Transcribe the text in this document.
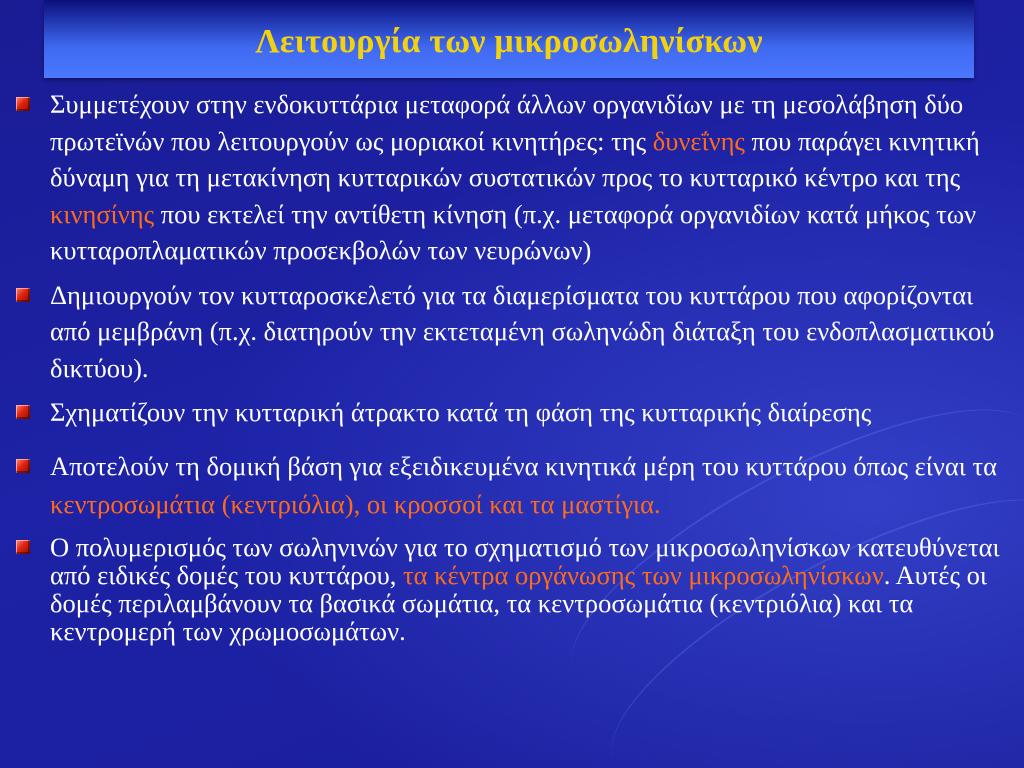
Λειτουργία των μικροσωληνίσκων
Συμμετέχουν στην ενδοκυττάρια μεταφορά άλλων οργανιδίων με τη μεσολάβηση δύο πρωτεϊνών που λειτουργούν ως μοριακοί κινητήρες: της δυνεΐνης που παράγει κινητική δύναμη για τη μετακίνηση κυτταρικών συστατικών προς το κυτταρικό κέντρο και της κινησίνης που εκτελεί την αντίθετη κίνηση (π.χ. μεταφορά οργανιδίων κατά μήκος των κυτταροπλαματικών προσεκβολών των νευρώνων)
Δημιουργούν τον κυτταροσκελετό για τα διαμερίσματα του κυττάρου που αφορίζονται από μεμβράνη (π.χ. διατηρούν την εκτεταμένη σωληνώδη διάταξη του ενδοπλασματικού δικτύου).
Σχηματίζουν την κυτταρική άτρακτο κατά τη φάση της κυτταρικής διαίρεσης
Αποτελούν τη δομική βάση για εξειδικευμένα κινητικά μέρη του κυττάρου όπως είναι τα κεντροσωμάτια (κεντριόλια), οι κροσσοί και τα μαστίγια.
Ο πολυμερισμός των σωληνινών για το σχηματισμό των μικροσωληνίσκων κατευθύνεται από ειδικές δομές του κυττάρου, τα κέντρα οργάνωσης των μικροσωληνίσκων. Αυτές οι δομές περιλαμβάνουν τα βασικά σωμάτια, τα κεντροσωμάτια (κεντριόλια) και τα κεντρομερή των χρωμοσωμάτων.
